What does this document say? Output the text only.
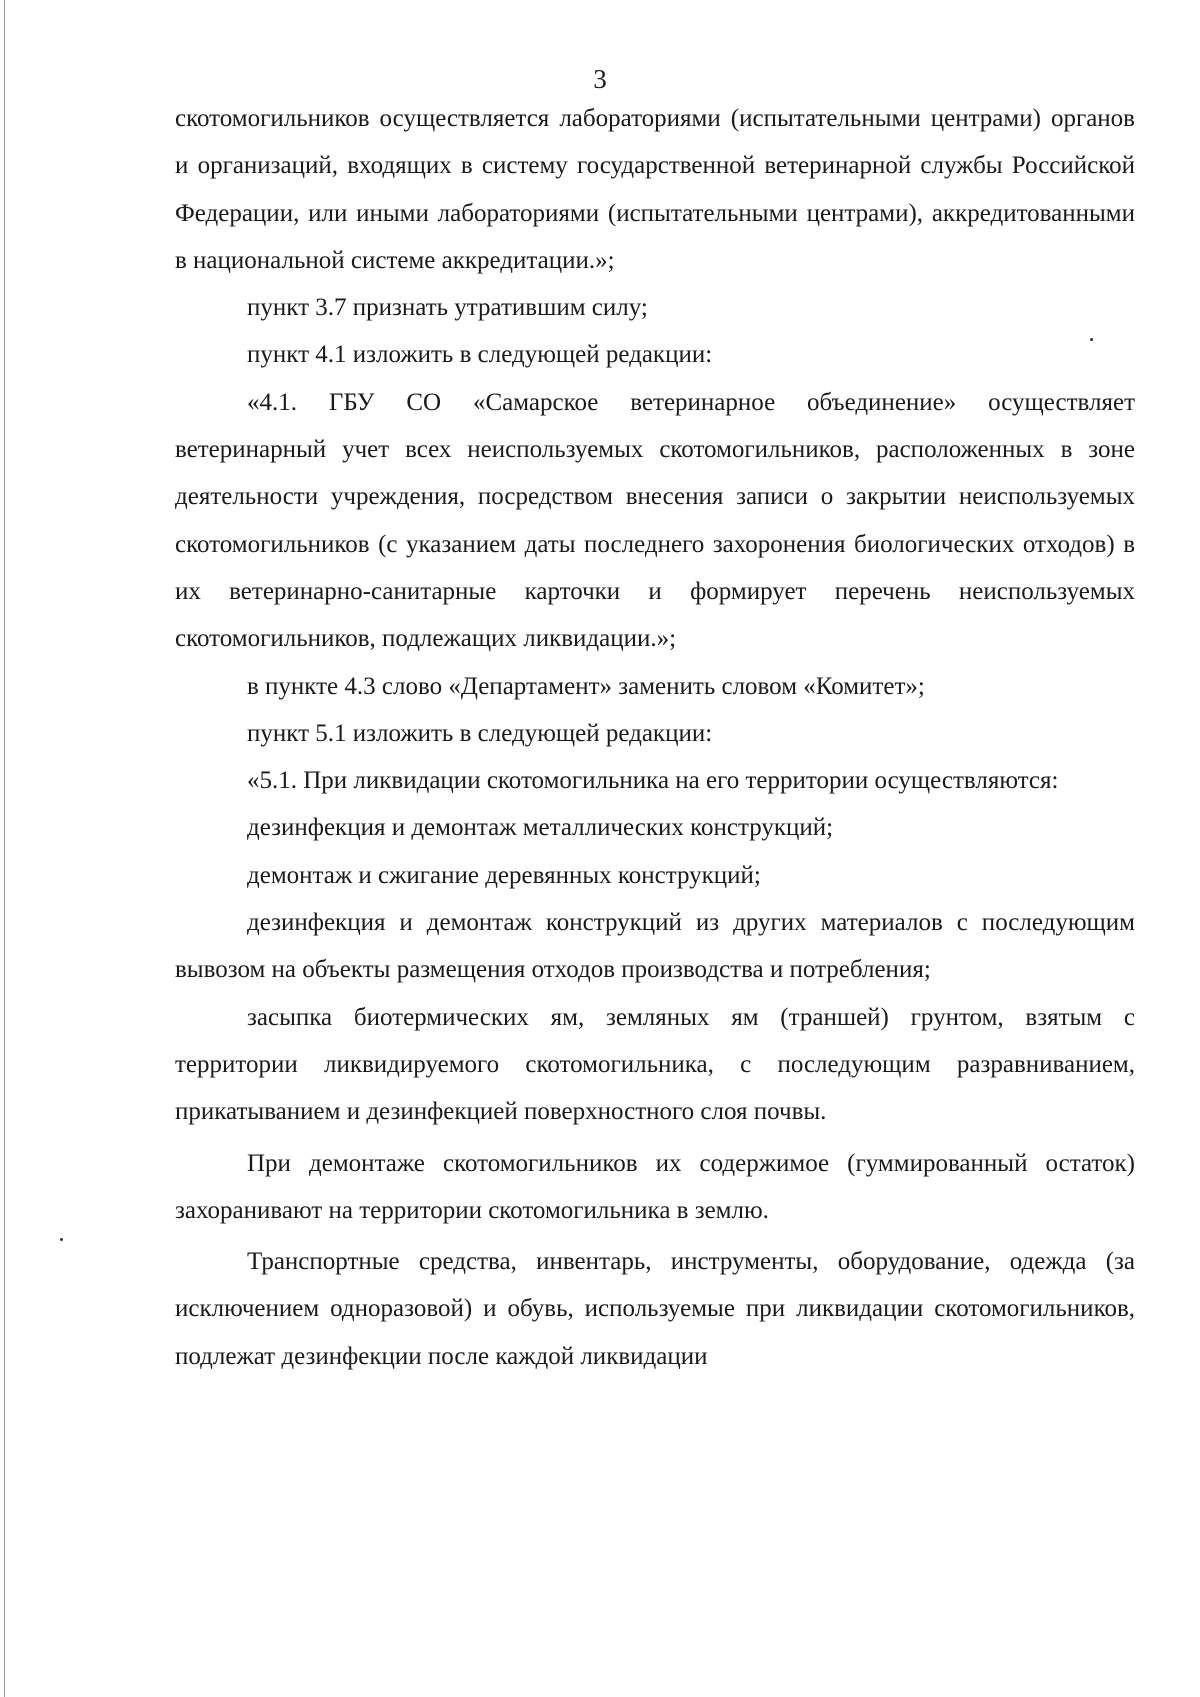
3

скотомогильников осуществляется лабораториями (испытательными центрами) органов и организаций, входящих в систему государственной ветеринарной службы Российской Федерации, или иными лабораториями (испытательными центрами), аккредитованными в национальной системе аккредитации.»;

пункт 3.7 признать утратившим силу;

пункт 4.1 изложить в следующей редакции:

«4.1. ГБУ СО «Самарское ветеринарное объединение» осуществляет ветеринарный учет всех неиспользуемых скотомогильников, расположенных в зоне деятельности учреждения, посредством внесения записи о закрытии неиспользуемых скотомогильников (с указанием даты последнего захоронения биологических отходов) в их ветеринарно-санитарные карточки и формирует перечень неиспользуемых скотомогильников, подлежащих ликвидации.»;

в пункте 4.3 слово «Департамент» заменить словом «Комитет»;

пункт 5.1 изложить в следующей редакции:

«5.1. При ликвидации скотомогильника на его территории осуществляются:

дезинфекция и демонтаж металлических конструкций;

демонтаж и сжигание деревянных конструкций;

дезинфекция и демонтаж конструкций из других материалов с последующим вывозом на объекты размещения отходов производства и потребления;

засыпка биотермических ям, земляных ям (траншей) грунтом, взятым с территории ликвидируемого скотомогильника, с последующим разравниванием, прикатыванием и дезинфекцией поверхностного слоя почвы.

При демонтаже скотомогильников их содержимое (гуммированный остаток) захоранивают на территории скотомогильника в землю.

Транспортные средства, инвентарь, инструменты, оборудование, одежда (за исключением одноразовой) и обувь, используемые при ликвидации скотомогильников, подлежат дезинфекции после каждой ликвидации
